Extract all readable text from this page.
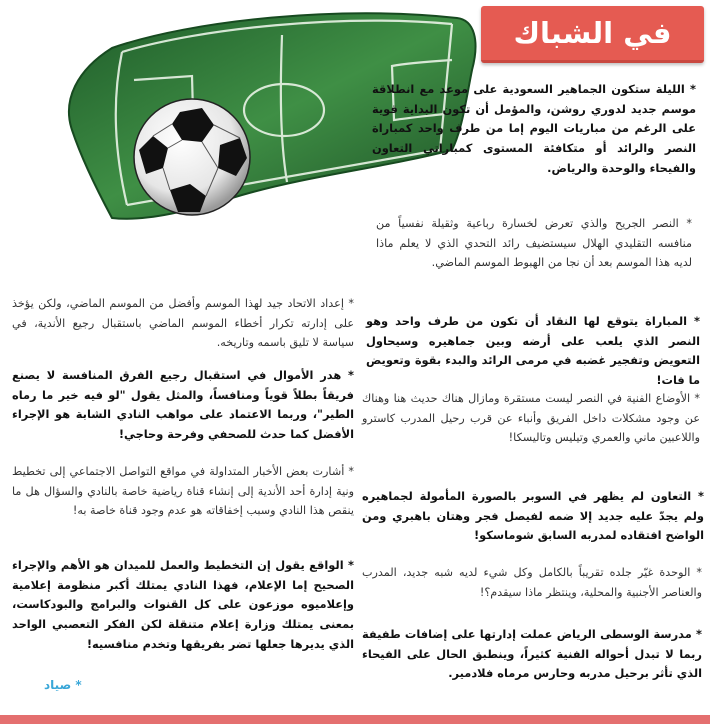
في الشباك

* الليلة ستكون الجماهير السعودية على موعد مع انطلاقة موسم جديد لدوري روشن، والمؤمل أن تكون البداية قوية على الرغم من مباريات اليوم إما من طرف واحد كمباراة النصر والرائد أو متكافئة المستوى كمباراتي التعاون والفيحاء والوحدة والرياض.

* النصر الجريح والذي تعرض لخسارة رباعية وثقيلة نفسياً من منافسه التقليدي الهلال سيستضيف رائد التحدي الذي لا يعلم ماذا لديه هذا الموسم بعد أن نجا من الهبوط الموسم الماضي.

* المباراة يتوقع لها النقاد أن تكون من طرف واحد وهو النصر الذي يلعب على أرضه وبين جماهيره وسيحاول التعويض وتفجير غضبه في مرمى الرائد والبدء بقوة وتعويض ما فات!

* الأوضاع الفنية في النصر ليست مستقرة ومازال هناك حديث هنا وهناك عن وجود مشكلات داخل الفريق وأنباء عن قرب رحيل المدرب كاسترو واللاعبين ماني والعمري وتيليس وتاليسكا!

* التعاون لم يظهر في السوبر بالصورة المأمولة لجماهيره ولم يجدّ عليه جديد إلا ضمه لفيصل فجر وهتان باهبري ومن الواضح افتقاده لمدربه السابق شوماسكو!

* الوحدة غيّر جلده تقريباً بالكامل وكل شيء لديه شبه جديد، المدرب والعناصر الأجنبية والمحلية، وينتظر ماذا سيقدم؟!

* مدرسة الوسطى الرياض عملت إدارتها على إضافات طفيفة ربما لا تبدل أحواله الفنية كثيراً، وينطبق الحال على الفيحاء الذي تأثر برحيل مدربه وحارس مرماه فلادمير.

* إعداد الاتحاد جيد لهذا الموسم وأفضل من الموسم الماضي، ولكن يؤخذ على إدارته تكرار أخطاء الموسم الماضي باستقبال رجيع الأندية، في سياسة لا تليق باسمه وتاريخه.

* هدر الأموال في استقبال رجيع الفرق المنافسة لا يصنع فريقاً بطلاً قوياً ومنافساً، والمثل يقول "لو فيه خير ما رماه الطير"، وربما الاعتماد على مواهب النادي الشابة هو الإجراء الأفضل كما حدث للصحفي وفرحة وحاجي!

* أشارت بعض الأخبار المتداولة في مواقع التواصل الاجتماعي إلى تخطيط ونية إدارة أحد الأندية إلى إنشاء قناة رياضية خاصة بالنادي والسؤال هل ما ينقص هذا النادي وسبب إخفاقاته هو عدم وجود قناة خاصة به!

* الواقع يقول إن التخطيط والعمل للميدان هو الأهم والإجراء الصحيح إما الإعلام، فهذا النادي يمتلك أكبر منظومة إعلامية وإعلاميوه موزعون على كل القنوات والبرامج والبودكاست، بمعنى يمتلك وزارة إعلام متنقلة لكن الفكر التعصبي الواحد الذي يديرها جعلها تضر بفريقها وتخدم منافسيه!

* صياد
